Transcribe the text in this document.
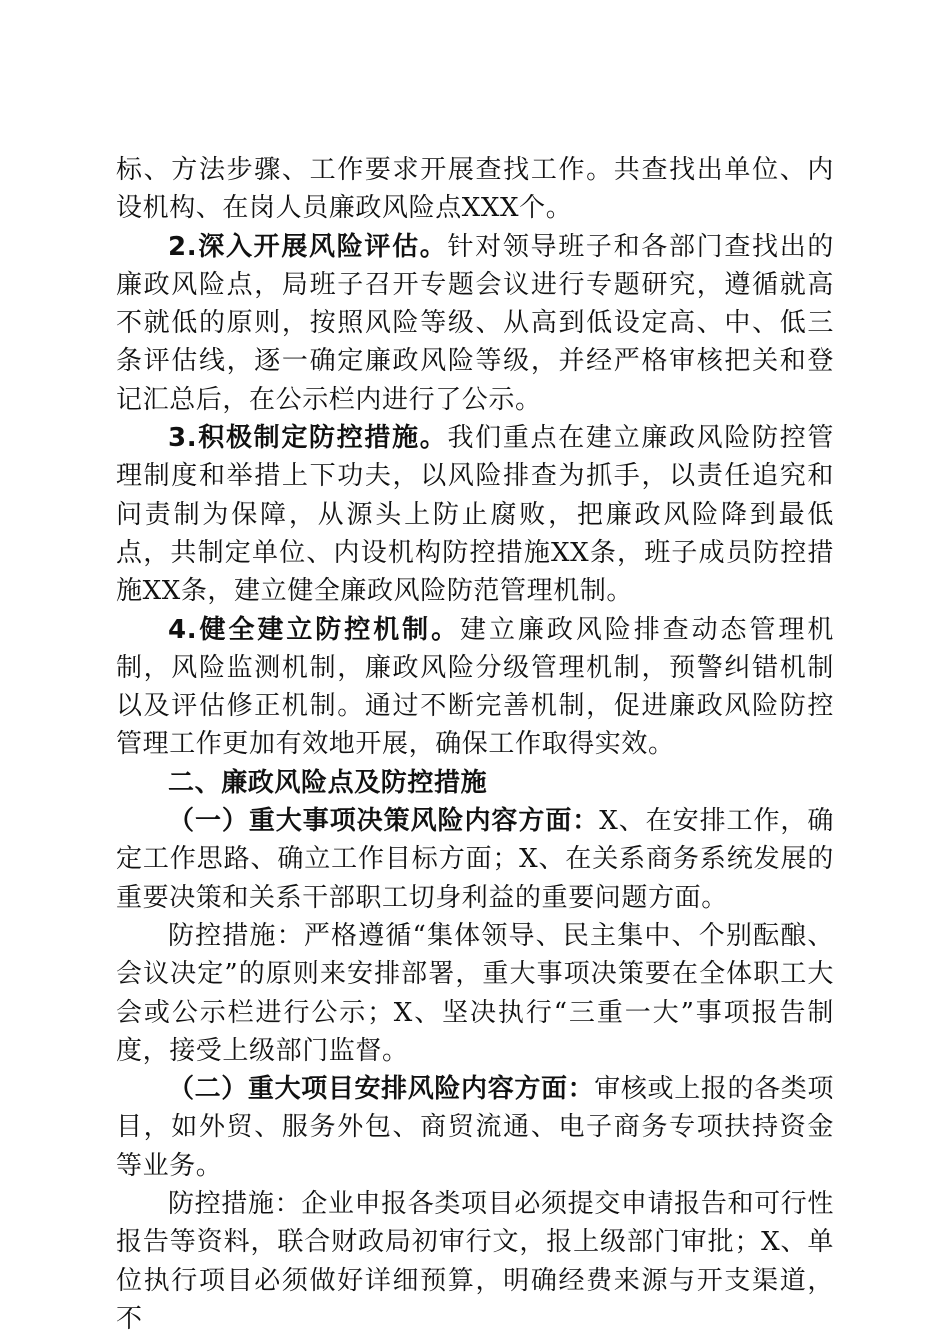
标、方法步骤、工作要求开展查找工作。共查找出单位、内设机构、在岗人员廉政风险点XXX个。

2.深入开展风险评估。针对领导班子和各部门查找出的廉政风险点，局班子召开专题会议进行专题研究，遵循就高不就低的原则，按照风险等级、从高到低设定高、中、低三条评估线，逐一确定廉政风险等级，并经严格审核把关和登记汇总后，在公示栏内进行了公示。

3.积极制定防控措施。我们重点在建立廉政风险防控管理制度和举措上下功夫，以风险排查为抓手，以责任追究和问责制为保障，从源头上防止腐败，把廉政风险降到最低点，共制定单位、内设机构防控措施XX条，班子成员防控措施XX条，建立健全廉政风险防范管理机制。

4.健全建立防控机制。建立廉政风险排查动态管理机制，风险监测机制，廉政风险分级管理机制，预警纠错机制以及评估修正机制。通过不断完善机制，促进廉政风险防控管理工作更加有效地开展，确保工作取得实效。

二、廉政风险点及防控措施

（一）重大事项决策风险内容方面：X、在安排工作，确定工作思路、确立工作目标方面；X、在关系商务系统发展的重要决策和关系干部职工切身利益的重要问题方面。

防控措施：严格遵循“集体领导、民主集中、个别酝酿、会议决定”的原则来安排部署，重大事项决策要在全体职工大会或公示栏进行公示；X、坚决执行“三重一大”事项报告制度，接受上级部门监督。

（二）重大项目安排风险内容方面：审核或上报的各类项目，如外贸、服务外包、商贸流通、电子商务专项扶持资金等业务。

防控措施：企业申报各类项目必须提交申请报告和可行性报告等资料，联合财政局初审行文，报上级部门审批；X、单位执行项目必须做好详细预算，明确经费来源与开支渠道，不
